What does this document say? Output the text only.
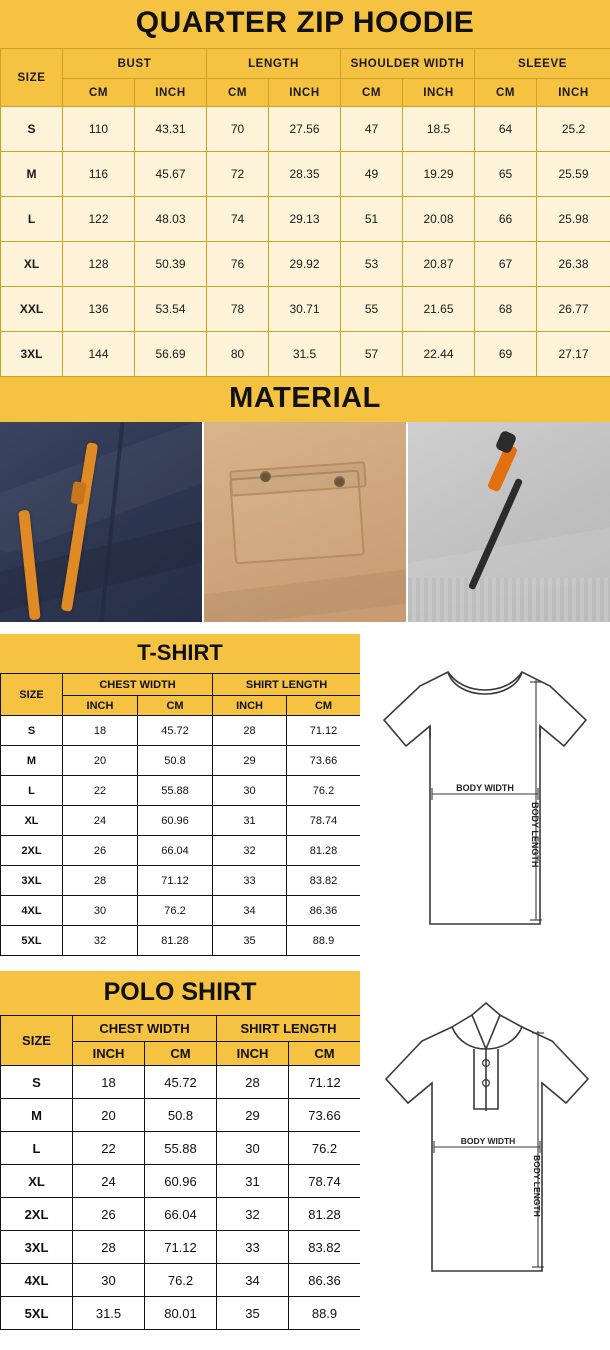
QUARTER ZIP HOODIE
SIZE	BUST		LENGTH		SHOULDER WIDTH		SLEEVE	
	CM	INCH	CM	INCH	CM	INCH	CM	INCH
S	110	43.31	70	27.56	47	18.5	64	25.2
M	116	45.67	72	28.35	49	19.29	65	25.59
L	122	48.03	74	29.13	51	20.08	66	25.98
XL	128	50.39	76	29.92	53	20.87	67	26.38
XXL	136	53.54	78	30.71	55	21.65	68	26.77
3XL	144	56.69	80	31.5	57	22.44	69	27.17
MATERIAL
T-SHIRT
SIZE	CHEST WIDTH		SHIRT LENGTH	
	INCH	CM	INCH	CM
S	18	45.72	28	71.12
M	20	50.8	29	73.66
L	22	55.88	30	76.2
XL	24	60.96	31	78.74
2XL	26	66.04	32	81.28
3XL	28	71.12	33	83.82
4XL	30	76.2	34	86.36
5XL	32	81.28	35	88.9
BODY WIDTH
BODY LENGTH
POLO SHIRT
SIZE	CHEST WIDTH		SHIRT LENGTH	
	INCH	CM	INCH	CM
S	18	45.72	28	71.12
M	20	50.8	29	73.66
L	22	55.88	30	76.2
XL	24	60.96	31	78.74
2XL	26	66.04	32	81.28
3XL	28	71.12	33	83.82
4XL	30	76.2	34	86.36
5XL	31.5	80.01	35	88.9
BODY WIDTH
BODY LENGTH
